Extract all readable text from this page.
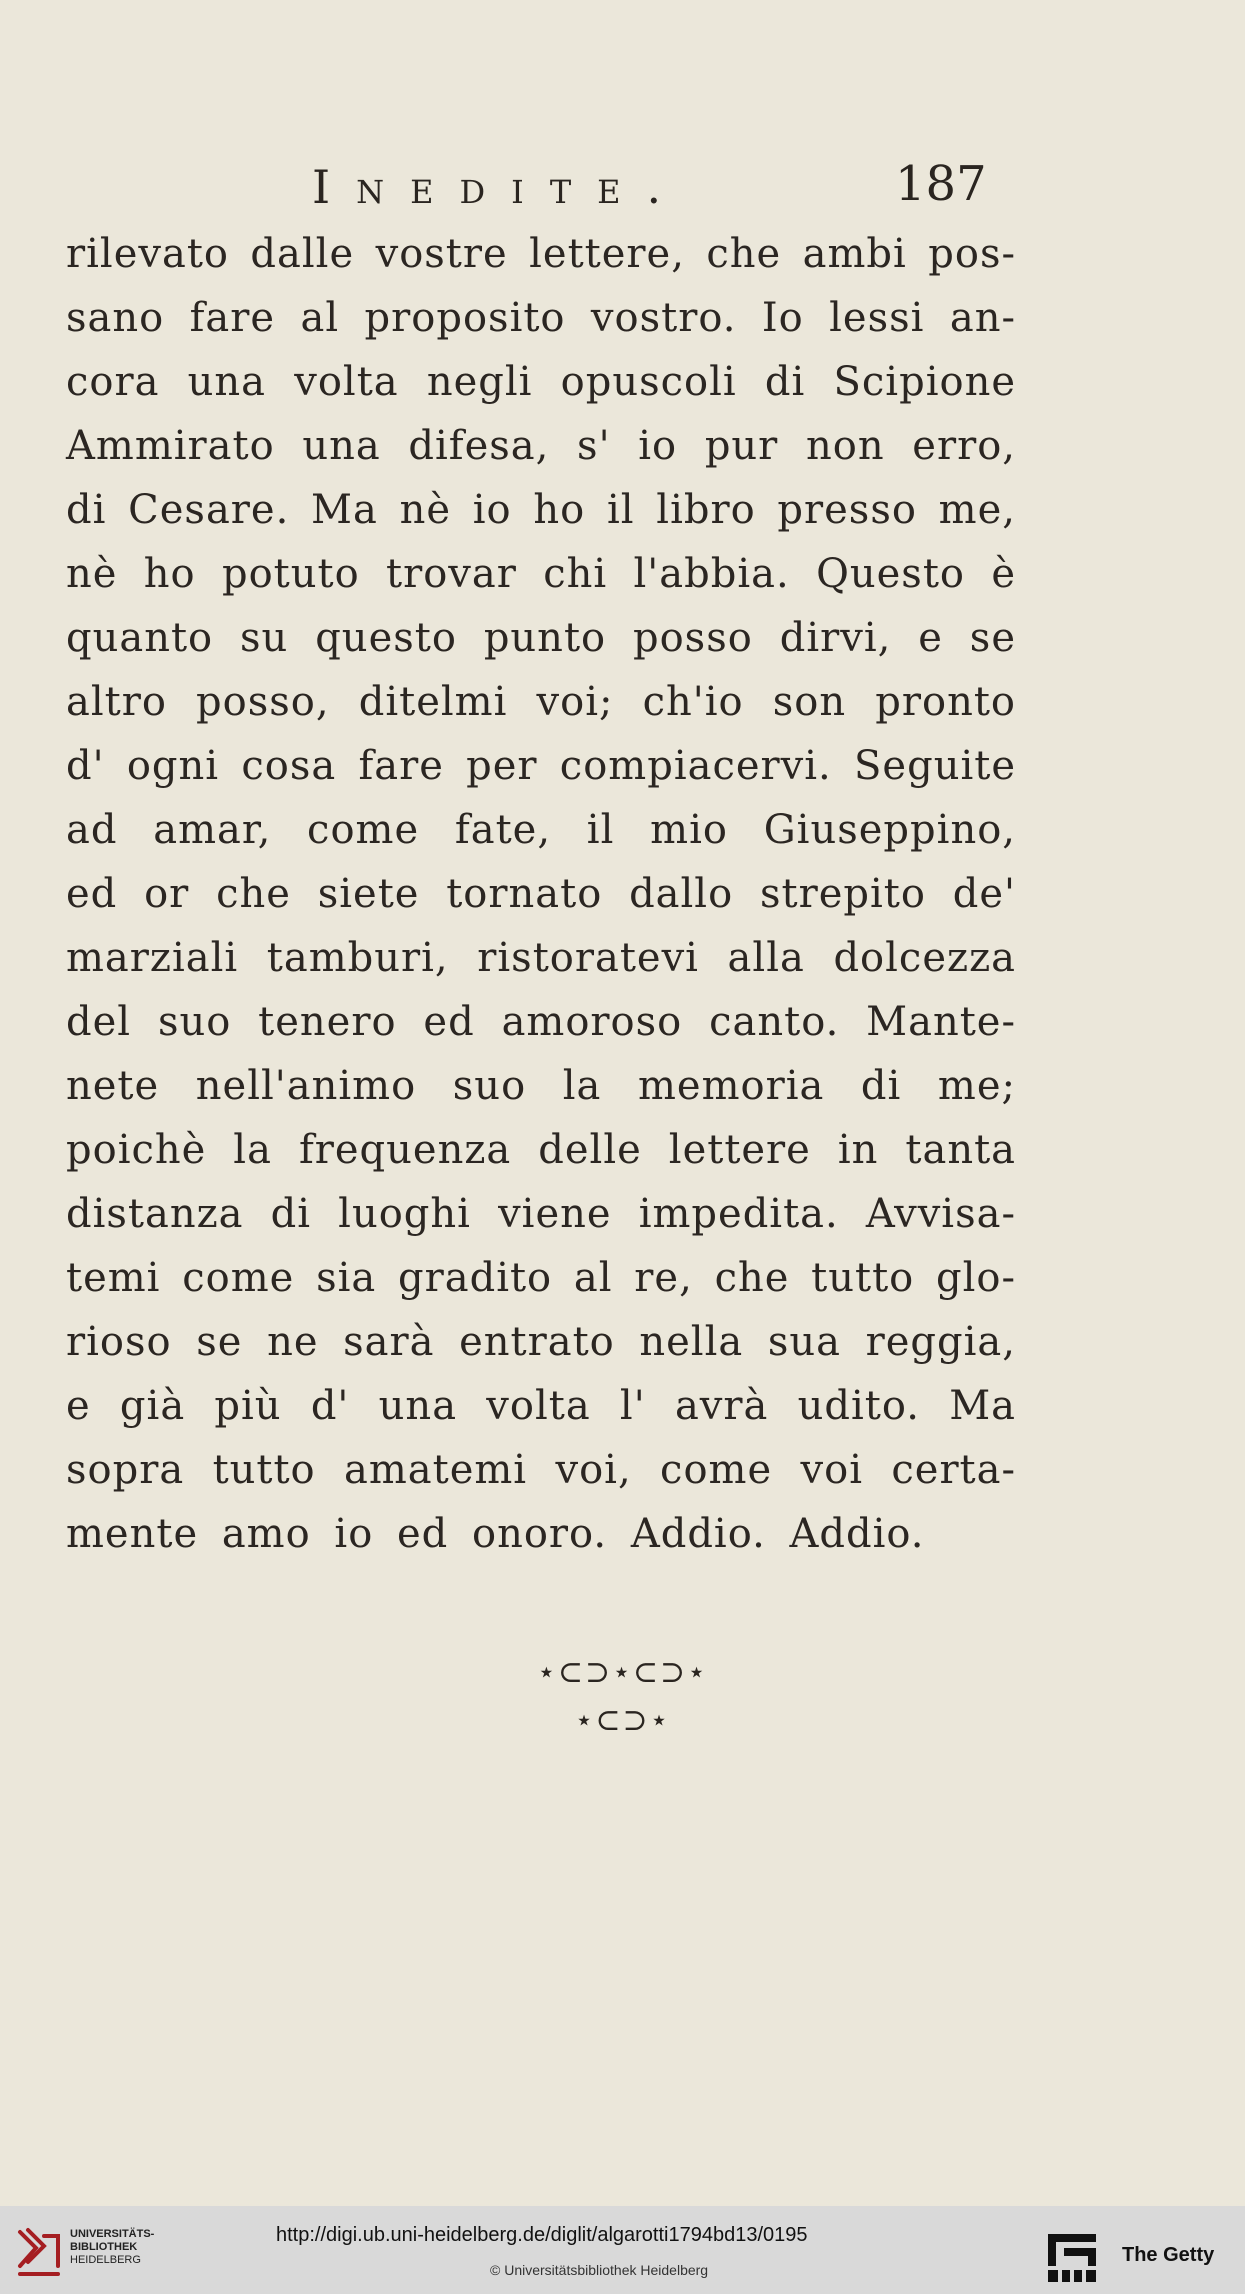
Inedite.	187
rilevato dalle vostre lettere, che ambi pos-
sano fare al proposito vostro. Io lessi an-
cora una volta negli opuscoli di Scipione
Ammirato una difesa, s' io pur non erro,
di Cesare. Ma nè io ho il libro presso me,
nè ho potuto trovar chi l'abbia. Questo è
quanto su questo punto posso dirvi, e se
altro posso, ditelmi voi; ch'io son pronto
d' ogni cosa fare per compiacervi. Seguite
ad amar, come fate, il mio Giuseppino,
ed or che siete tornato dallo strepito de'
marziali tamburi, ristoratevi alla dolcezza
del suo tenero ed amoroso canto. Mante-
nete nell'animo suo la memoria di me;
poichè la frequenza delle lettere in tanta
distanza di luoghi viene impedita. Avvisa-
temi come sia gradito al re, che tutto glo-
rioso se ne sarà entrato nella sua reggia,
e già più d' una volta l' avrà udito. Ma
sopra tutto amatemi voi, come voi certa-
mente amo io ed onoro. Addio. Addio.
⋆⊂⊃⋆⊂⊃⋆
⋆⊂⊃⋆
UNIVERSITÄTS-
BIBLIOTHEK
HEIDELBERG
http://digi.ub.uni-heidelberg.de/diglit/algarotti1794bd13/0195
© Universitätsbibliothek Heidelberg
The Getty
